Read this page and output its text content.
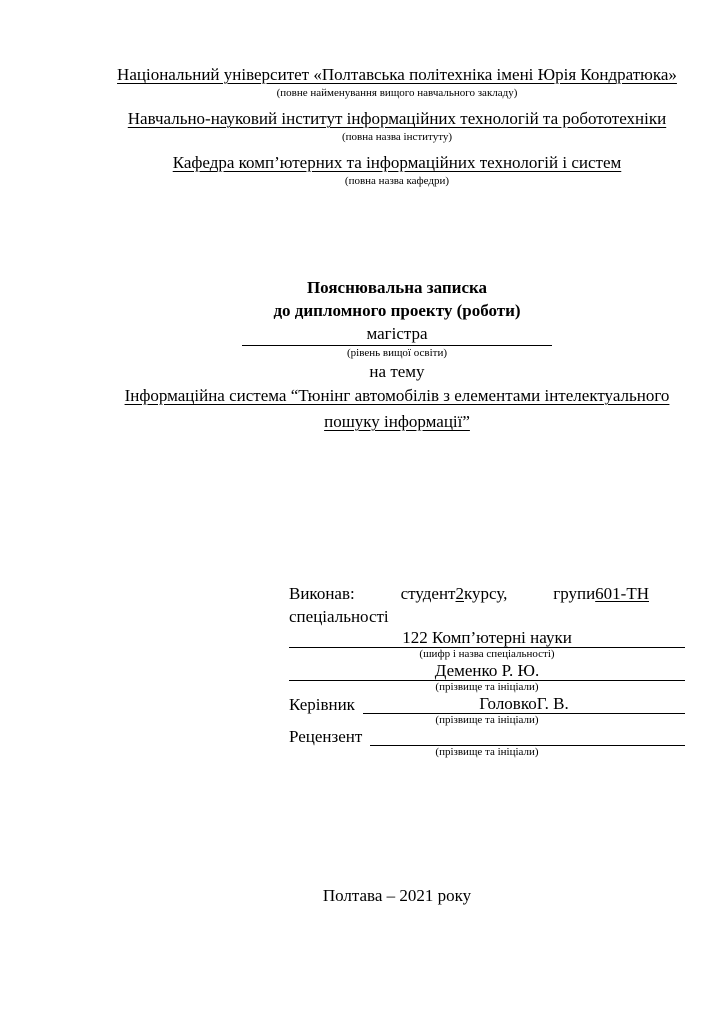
Національний університет «Полтавська політехніка імені Юрія Кондратюка»
(повне найменування вищого навчального закладу)
Навчально-науковий інститут інформаційних технологій та робототехніки
(повна назва інституту)
Кафедра комп’ютерних та інформаційних технологій і систем
(повна назва кафедри)
Пояснювальна записка
до дипломного проекту (роботи)
магістра
(рівень вищої освіти)
на тему
Інформаційна система “Тюнінг автомобілів з елементами інтелектуального
пошуку інформації”
Виконав:	студент2курсу,	групи601-ТН
спеціальності
122 Комп’ютерні науки
(шифр і назва спеціальності)
Деменко Р. Ю.
(прізвище та ініціали)
Керівник	ГоловкоГ. В.
(прізвище та ініціали)
Рецензент
(прізвище та ініціали)
Полтава – 2021 року
